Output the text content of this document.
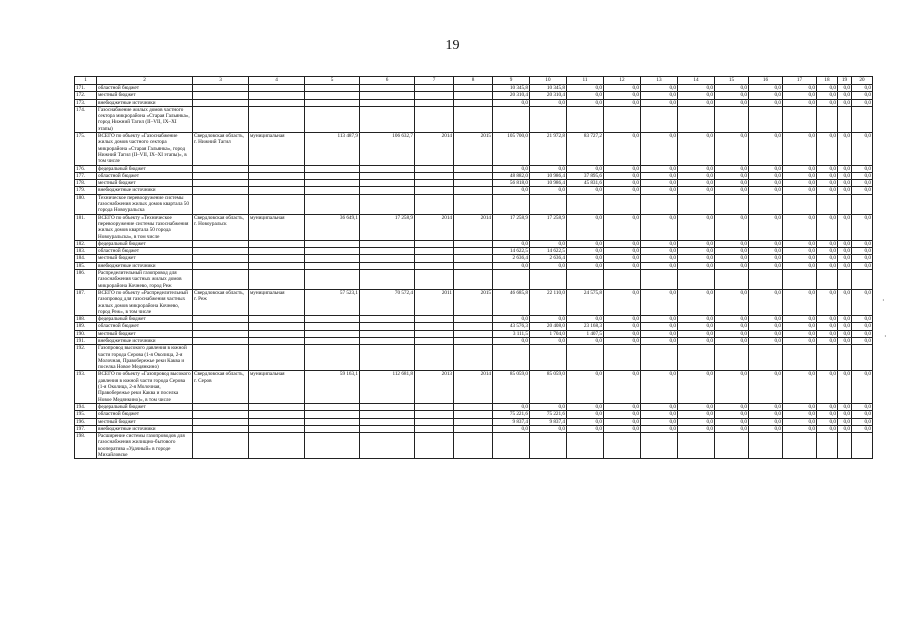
19
1	2	3	4	5	6	7	8	9	10	11	12	13	14	15	16	17	18	19	20
171.	областной бюджет							10 345,8	10 345,8	0,0	0,0	0,0	0,0	0,0	0,0	0,0	0,0	0,0	0,0
172.	местный бюджет							20 310,4	20 310,4	0,0	0,0	0,0	0,0	0,0	0,0	0,0	0,0	0,0	0,0
173.	внебюджетные источники							0,0	0,0	0,0	0,0	0,0	0,0	0,0	0,0	0,0	0,0	0,0	0,0
174.	Газоснабжение жилых домов частного сектора микрорайона «Старая Гальянка», город Нижний Тагил (II–VII, IX–XI этапы)																		
175.	ВСЕГО по объекту «Газоснабжение жилых домов частного сектора микрорайона «Старая Гальянка», город Нижний Тагил (II–VII, IX–XI этапы)», в том числе	Свердловская область, г. Нижний Тагил	муниципальная	113 487,9	106 632,7	2014	2015	105 700,0	21 972,8	83 727,2	0,0	0,0	0,0	0,0	0,0	0,0	0,0	0,0	0,0
176.	федеральный бюджет							0,0	0,0	0,0	0,0	0,0	0,0	0,0	0,0	0,0	0,0	0,0	0,0
177.	областной бюджет							48 882,0	10 986,4	37 895,6	0,0	0,0	0,0	0,0	0,0	0,0	0,0	0,0	0,0
178.	местный бюджет							56 818,0	10 986,4	45 831,6	0,0	0,0	0,0	0,0	0,0	0,0	0,0	0,0	0,0
179.	внебюджетные источники							0,0	0,0	0,0	0,0	0,0	0,0	0,0	0,0	0,0	0,0	0,0	0,0
180.	Техническое перевооружение системы газоснабжения жилых домов квартала 50 города Новоуральска																		
181.	ВСЕГО по объекту «Техническое перевооружение системы газоснабжения жилых домов квартала 50 города Новоуральска», в том числе	Свердловская область, г. Новоуральск	муниципальная	36 649,1	17 258,9	2014	2014	17 258,9	17 258,9	0,0	0,0	0,0	0,0	0,0	0,0	0,0	0,0	0,0	0,0
182.	федеральный бюджет							0,0	0,0	0,0	0,0	0,0	0,0	0,0	0,0	0,0	0,0	0,0	0,0
183.	областной бюджет							14 622,5	14 622,5	0,0	0,0	0,0	0,0	0,0	0,0	0,0	0,0	0,0	0,0
184.	местный бюджет							2 636,4	2 636,4	0,0	0,0	0,0	0,0	0,0	0,0	0,0	0,0	0,0	0,0
185.	внебюджетные источники							0,0	0,0	0,0	0,0	0,0	0,0	0,0	0,0	0,0	0,0	0,0	0,0
186.	Распределительный газопровод для газоснабжения частных жилых домов микрорайона Кочнево, город Реж																		
187.	ВСЕГО по объекту «Распределительный газопровод для газоснабжения частных жилых домов микрорайона Кочнево, город Реж», в том числе	Свердловская область, г. Реж	муниципальная	57 523,1	70 572,4	2011	2015	46 685,8	22 110,0	24 575,8	0,0	0,0	0,0	0,0	0,0	0,0	0,0	0,0	0,0
188.	федеральный бюджет							0,0	0,0	0,0	0,0	0,0	0,0	0,0	0,0	0,0	0,0	0,0	0,0
189.	областной бюджет							43 576,3	20 408,0	23 168,3	0,0	0,0	0,0	0,0	0,0	0,0	0,0	0,0	0,0
190.	местный бюджет							3 111,5	1 704,0	1 407,5	0,0	0,0	0,0	0,0	0,0	0,0	0,0	0,0	0,0
191.	внебюджетные источники							0,0	0,0	0,0	0,0	0,0	0,0	0,0	0,0	0,0	0,0	0,0	0,0
192.	Газопровод высокого давления в южной части города Серова (1-я Околица, 2-я Молочная, Правобережье реки Каква и поселка Новое Медянкино)																		
193.	ВСЕГО по объекту «Газопровод высокого давления в южной части города Серова (1-я Околица, 2-я Молочная, Правобережье реки Каква и поселка Новое Медянкино)», в том числе	Свердловская область, г. Серов	муниципальная	59 163,1	112 681,8	2013	2014	85 059,0	85 059,0	0,0	0,0	0,0	0,0	0,0	0,0	0,0	0,0	0,0	0,0
194.	федеральный бюджет							0,0	0,0	0,0	0,0	0,0	0,0	0,0	0,0	0,0	0,0	0,0	0,0
195.	областной бюджет							75 221,6	75 221,6	0,0	0,0	0,0	0,0	0,0	0,0	0,0	0,0	0,0	0,0
196.	местный бюджет							9 837,4	9 837,4	0,0	0,0	0,0	0,0	0,0	0,0	0,0	0,0	0,0	0,0
197.	внебюджетные источники							0,0	0,0	0,0	0,0	0,0	0,0	0,0	0,0	0,0	0,0	0,0	0,0
198.	Расширение системы газопроводов для газоснабжения жилищно-бытового кооператива «Удачный» в городе Михайловске																		
·
·
